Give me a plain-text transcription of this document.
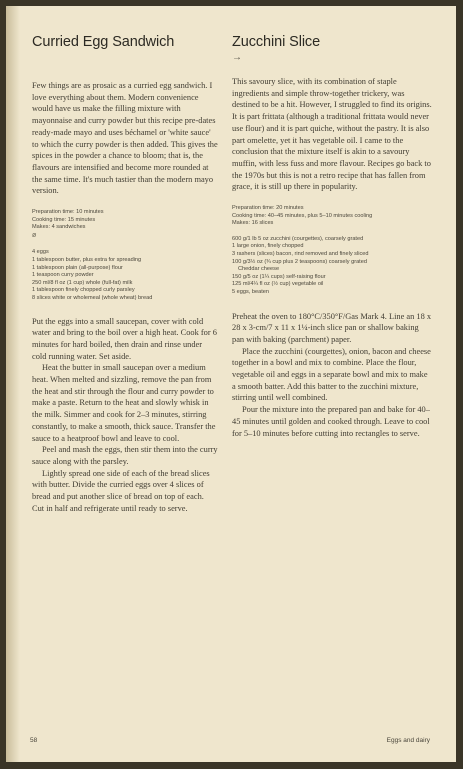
Curried Egg Sandwich

Few things are as prosaic as a curried egg sandwich. I love everything about them. Modern convenience would have us make the filling mixture with mayonnaise and curry powder but this recipe pre-dates ready-made mayo and uses béchamel or 'white sauce' to which the curry powder is then added. This gives the spices in the powder a chance to bloom; that is, the flavours are intensified and become more rounded at the same time. It's much tastier than the modern mayo version.

Preparation time: 10 minutes

Cooking time: 15 minutes

Makes: 4 sandwiches

ø

4 eggs

1 tablespoon butter, plus extra for spreading

1 tablespoon plain (all-purpose) flour

1 teaspoon curry powder

250 ml/8 fl oz (1 cup) whole (full-fat) milk

1 tablespoon finely chopped curly parsley

8 slices white or wholemeal (whole wheat) bread

Put the eggs into a small saucepan, cover with cold water and bring to the boil over a high heat. Cook for 6 minutes for hard boiled, then drain and rinse under cold running water. Set aside.

Heat the butter in small saucepan over a medium heat. When melted and sizzling, remove the pan from the heat and stir through the flour and curry powder to make a paste. Return to the heat and slowly whisk in the milk. Simmer and cook for 2–3 minutes, stirring constantly, to make a smooth, thick sauce. Transfer the sauce to a heatproof bowl and leave to cool.

Peel and mash the eggs, then stir them into the curry sauce along with the parsley.

Lightly spread one side of each of the bread slices with butter. Divide the curried eggs over 4 slices of bread and put another slice of bread on top of each. Cut in half and refrigerate until ready to serve.

Zucchini Slice
→

This savoury slice, with its combination of staple ingredients and simple throw-together trickery, was destined to be a hit. However, I struggled to find its origins. It is part frittata (although a traditional frittata would never use flour) and it is part quiche, without the pastry. It is also part omelette, yet it has vegetable oil. I came to the conclusion that the mixture itself is akin to a savoury muffin, with less fuss and more flavour. Recipes go back to the 1970s but this is not a retro recipe that has fallen from grace, it is still up there in popularity.

Preparation time: 20 minutes

Cooking time: 40–45 minutes, plus 5–10 minutes cooling

Makes: 16 slices

600 g/1 lb 5 oz zucchini (courgettes), coarsely grated

1 large onion, finely chopped

3 rashers (slices) bacon, rind removed and finely sliced

100 g/3½ oz (¾ cup plus 2 teaspoons) coarsely grated

Cheddar cheese

150 g/5 oz (1¼ cups) self-raising flour

125 ml/4¼ fl oz (½ cup) vegetable oil

5 eggs, beaten

Preheat the oven to 180°C/350°F/Gas Mark 4. Line an 18 x 28 x 3-cm/7 x 11 x 1¼-inch slice pan or shallow baking pan with baking (parchment) paper.

Place the zucchini (courgettes), onion, bacon and cheese together in a bowl and mix to combine. Place the flour, vegetable oil and eggs in a separate bowl and mix to make a smooth batter. Add this batter to the zucchini mixture, stirring until well combined.

Pour the mixture into the prepared pan and bake for 40–45 minutes until golden and cooked through. Leave to cool for 5–10 minutes before cutting into rectangles to serve.

58	Eggs and dairy
